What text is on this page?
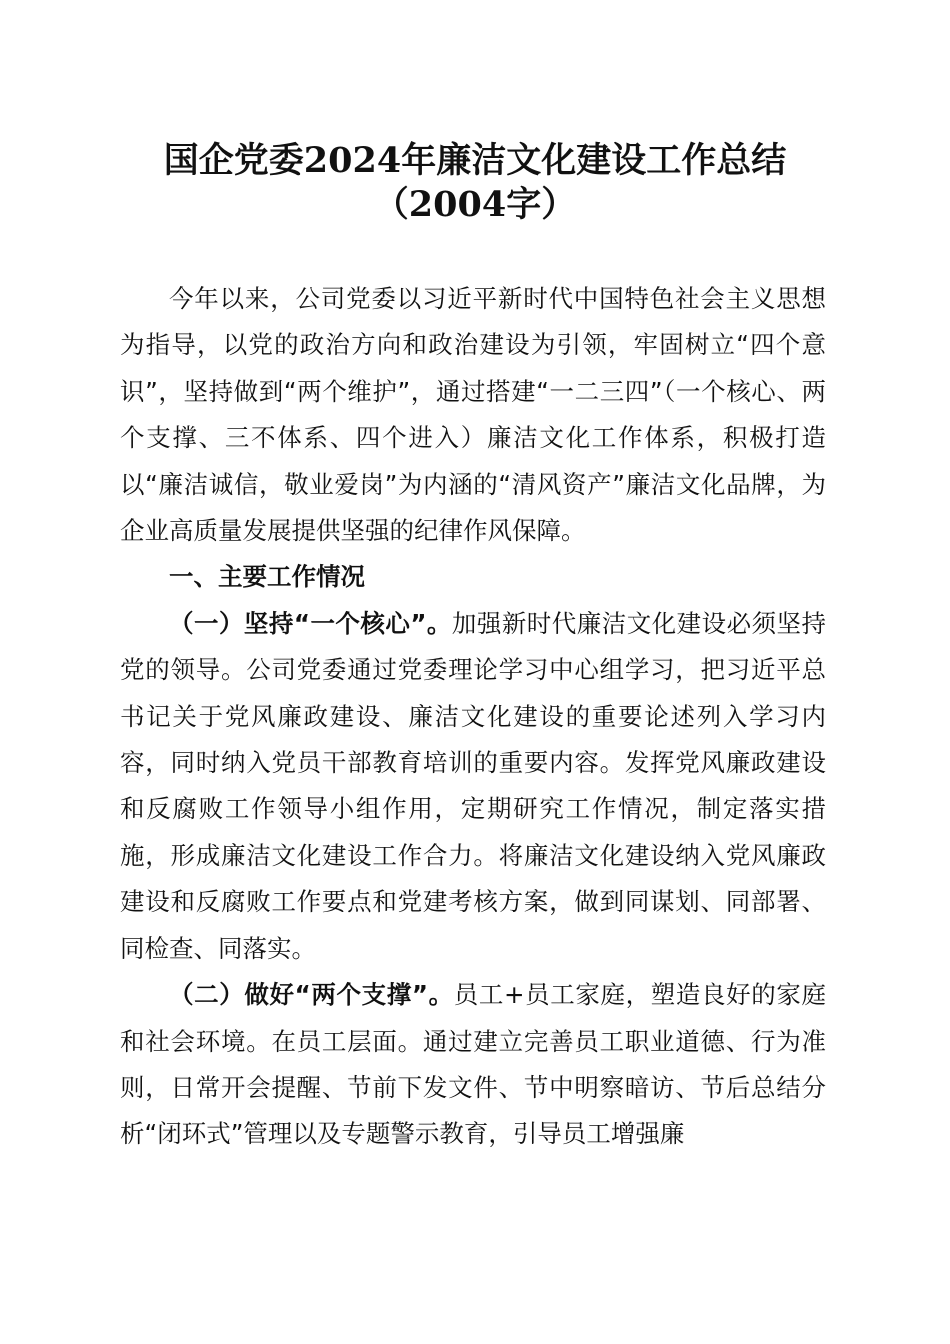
国企党委2024年廉洁文化建设工作总结
（2004字）

今年以来，公司党委以习近平新时代中国特色社会主义思想为指导，以党的政治方向和政治建设为引领，牢固树立“四个意识”，坚持做到“两个维护”，通过搭建“一二三四”（一个核心、两个支撑、三不体系、四个进入）廉洁文化工作体系，积极打造以“廉洁诚信，敬业爱岗”为内涵的“清风资产”廉洁文化品牌，为企业高质量发展提供坚强的纪律作风保障。

一、主要工作情况

（一）坚持“一个核心”。加强新时代廉洁文化建设必须坚持党的领导。公司党委通过党委理论学习中心组学习，把习近平总书记关于党风廉政建设、廉洁文化建设的重要论述列入学习内容，同时纳入党员干部教育培训的重要内容。发挥党风廉政建设和反腐败工作领导小组作用，定期研究工作情况，制定落实措施，形成廉洁文化建设工作合力。将廉洁文化建设纳入党风廉政建设和反腐败工作要点和党建考核方案，做到同谋划、同部署、同检查、同落实。

（二）做好“两个支撑”。员工+员工家庭，塑造良好的家庭和社会环境。在员工层面。通过建立完善员工职业道德、行为准则，日常开会提醒、节前下发文件、节中明察暗访、节后总结分析“闭环式”管理以及专题警示教育，引导员工增强廉
